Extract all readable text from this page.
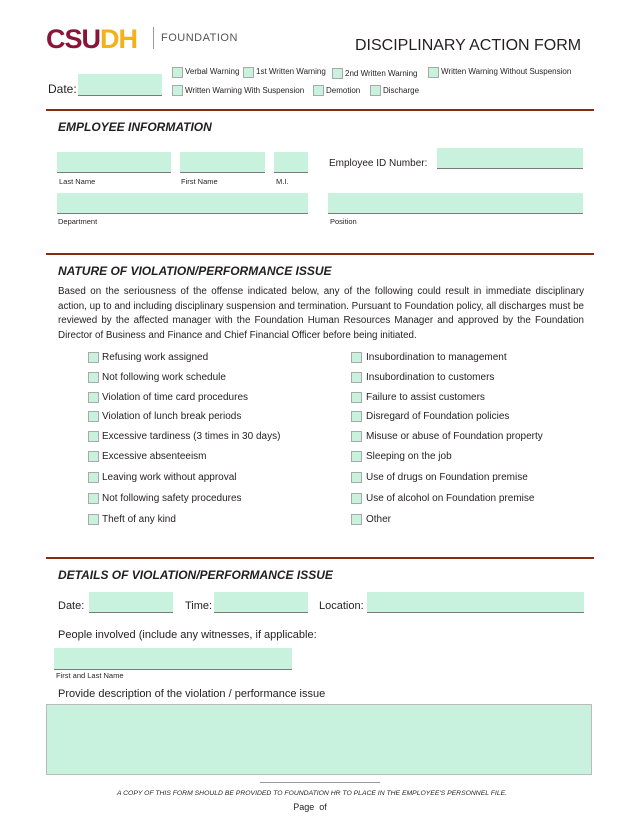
CSUDH FOUNDATION	DISCIPLINARY ACTION FORM
Date:
Verbal Warning 1st Written Warning 2nd Written Warning	Written Warning Without Suspension
Written Warning With Suspension	Demotion	Discharge
EMPLOYEE INFORMATION
Last Name	First Name	M.I.
Employee ID Number:
Department	Position
NATURE OF VIOLATION/PERFORMANCE ISSUE
Based on the seriousness of the offense indicated below, any of the following could result in immediate disciplinary action, up to and including disciplinary suspension and termination. Pursuant to Foundation policy, all discharges must be reviewed by the affected manager with the Foundation Human Resources Manager and approved by the Foundation Director of Business and Finance and Chief Financial Officer before being initiated.
Refusing work assigned
Not following work schedule
Violation of time card procedures
Violation of lunch break periods
Excessive tardiness (3 times in 30 days)
Excessive absenteeism
Leaving work without approval
Not following safety procedures
Theft of any kind
Insubordination to management
Insubordination to customers
Failure to assist customers
Disregard of Foundation policies
Misuse or abuse of Foundation property
Sleeping on the job
Use of drugs on Foundation premise
Use of alcohol on Foundation premise
Other
DETAILS OF VIOLATION/PERFORMANCE ISSUE
Date:	Time:	Location:
People involved (include any witnesses, if applicable:
First and Last Name
Provide description of the violation / performance issue
A COPY OF THIS FORM SHOULD BE PROVIDED TO FOUNDATION HR TO PLACE IN THE EMPLOYEE'S PERSONNEL FILE.
Page  of
